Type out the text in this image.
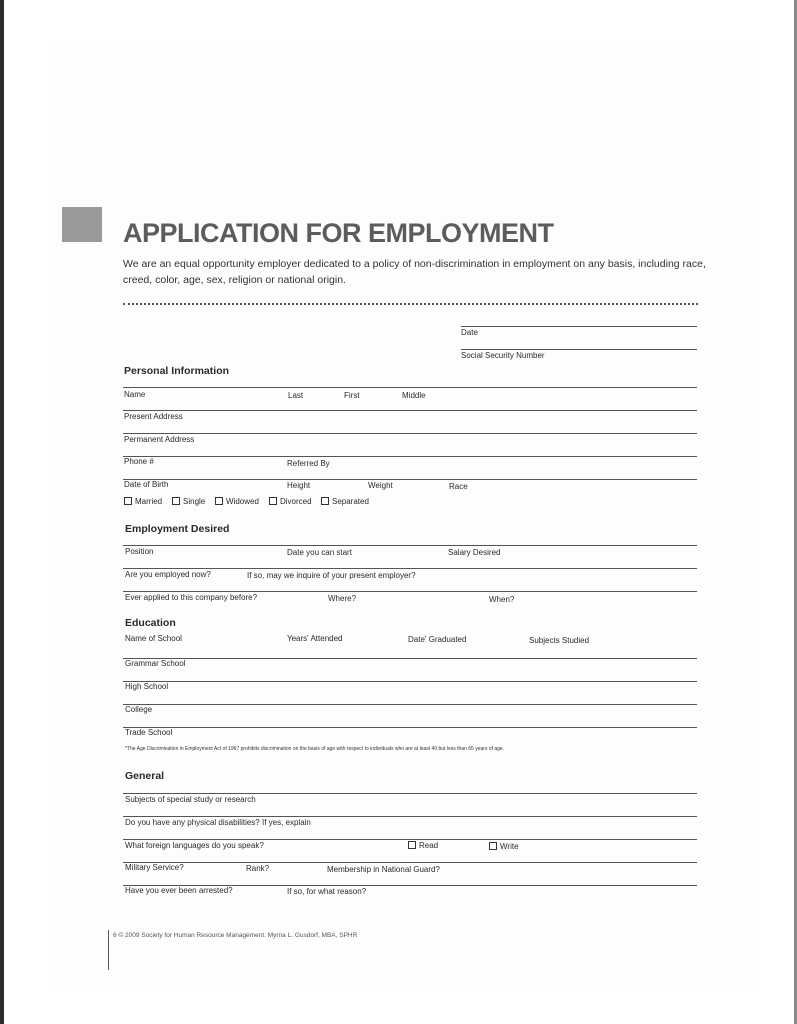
APPLICATION FOR EMPLOYMENT
We are an equal opportunity employer dedicated to a policy of non-discrimination in employment on any basis, including race, creed, color, age, sex, religion or national origin.
Date
Social Security Number
Personal Information
Name	Last	First	Middle
Present Address
Permanent Address
Phone #	Referred By
Date of Birth	Height	Weight	Race
Married	Single	Widowed	Divorced	Separated
Employment Desired
Position	Date you can start	Salary Desired
Are you employed now?	If so, may we inquire of your present employer?
Ever applied to this company before?	Where?	When?
Education
Name of School	Years' Attended	Date' Graduated	Subjects Studied
Grammar School
High School
College
Trade School
*The Age Discrimination in Employment Act of 1967 prohibits discrimination on the basis of age with respect to individuals who are at least 40 but less than 65 years of age.
General
Subjects of special study or research
Do you have any physical disabilities? If yes, explain
What foreign languages do you speak?	Read	Write
Military Service?	Rank?	Membership in National Guard?
Have you ever been arrested?	If so, for what reason?
6 © 2009 Society for Human Resource Management. Myrna L. Gusdorf, MBA, SPHR
